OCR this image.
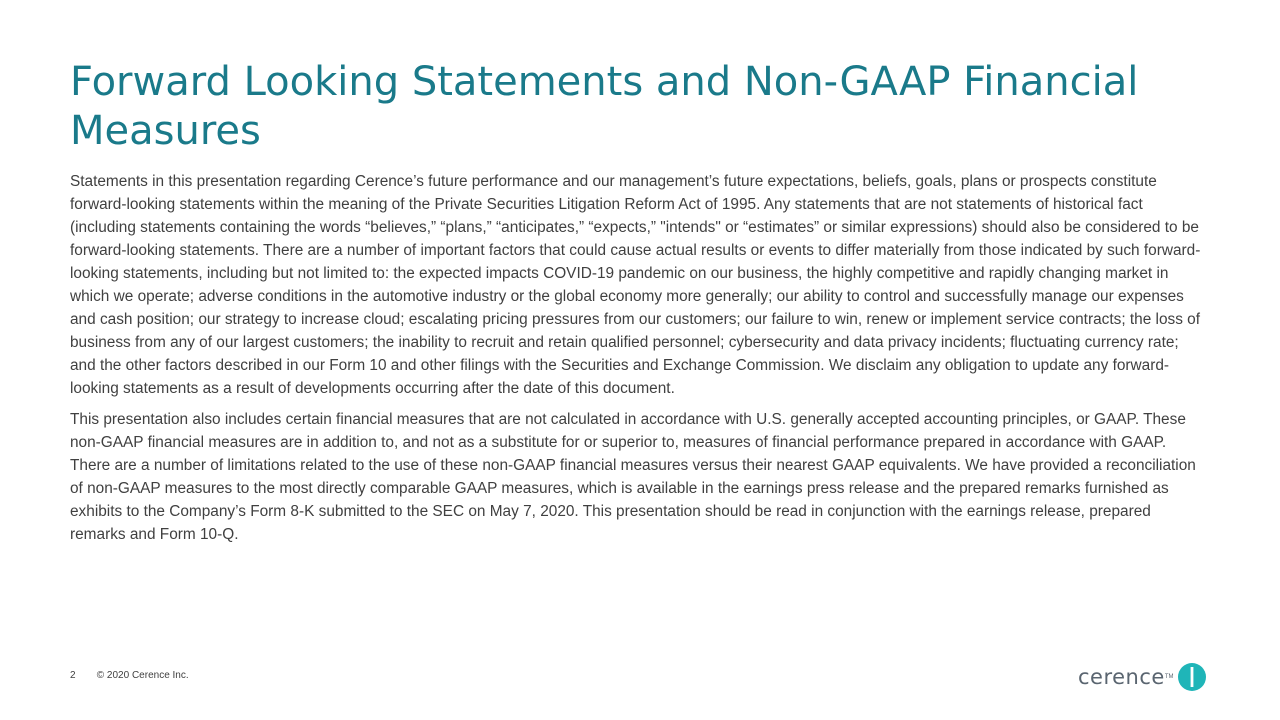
Forward Looking Statements and Non-GAAP Financial Measures

Statements in this presentation regarding Cerence’s future performance and our management’s future expectations, beliefs, goals, plans or prospects constitute forward-looking statements within the meaning of the Private Securities Litigation Reform Act of 1995. Any statements that are not statements of historical fact (including statements containing the words “believes,” “plans,” “anticipates,” “expects,” "intends" or “estimates” or similar expressions) should also be considered to be forward-looking statements. There are a number of important factors that could cause actual results or events to differ materially from those indicated by such forward-looking statements, including but not limited to: the expected impacts COVID-19 pandemic on our business, the highly competitive and rapidly changing market in which we operate; adverse conditions in the automotive industry or the global economy more generally; our ability to control and successfully manage our expenses and cash position; our strategy to increase cloud; escalating pricing pressures from our customers; our failure to win, renew or implement service contracts; the loss of business from any of our largest customers; the inability to recruit and retain qualified personnel; cybersecurity and data privacy incidents; fluctuating currency rate; and the other factors described in our Form 10 and other filings with the Securities and Exchange Commission. We disclaim any obligation to update any forward-looking statements as a result of developments occurring after the date of this document.

This presentation also includes certain financial measures that are not calculated in accordance with U.S. generally accepted accounting principles, or GAAP. These non-GAAP financial measures are in addition to, and not as a substitute for or superior to, measures of financial performance prepared in accordance with GAAP. There are a number of limitations related to the use of these non-GAAP financial measures versus their nearest GAAP equivalents. We have provided a reconciliation of non-GAAP measures to the most directly comparable GAAP measures, which is available in the earnings press release and the prepared remarks furnished as exhibits to the Company’s Form 8-K submitted to the SEC on May 7, 2020. This presentation should be read in conjunction with the earnings release, prepared remarks and Form 10-Q.

2 © 2020 Cerence Inc.	cerence TM
